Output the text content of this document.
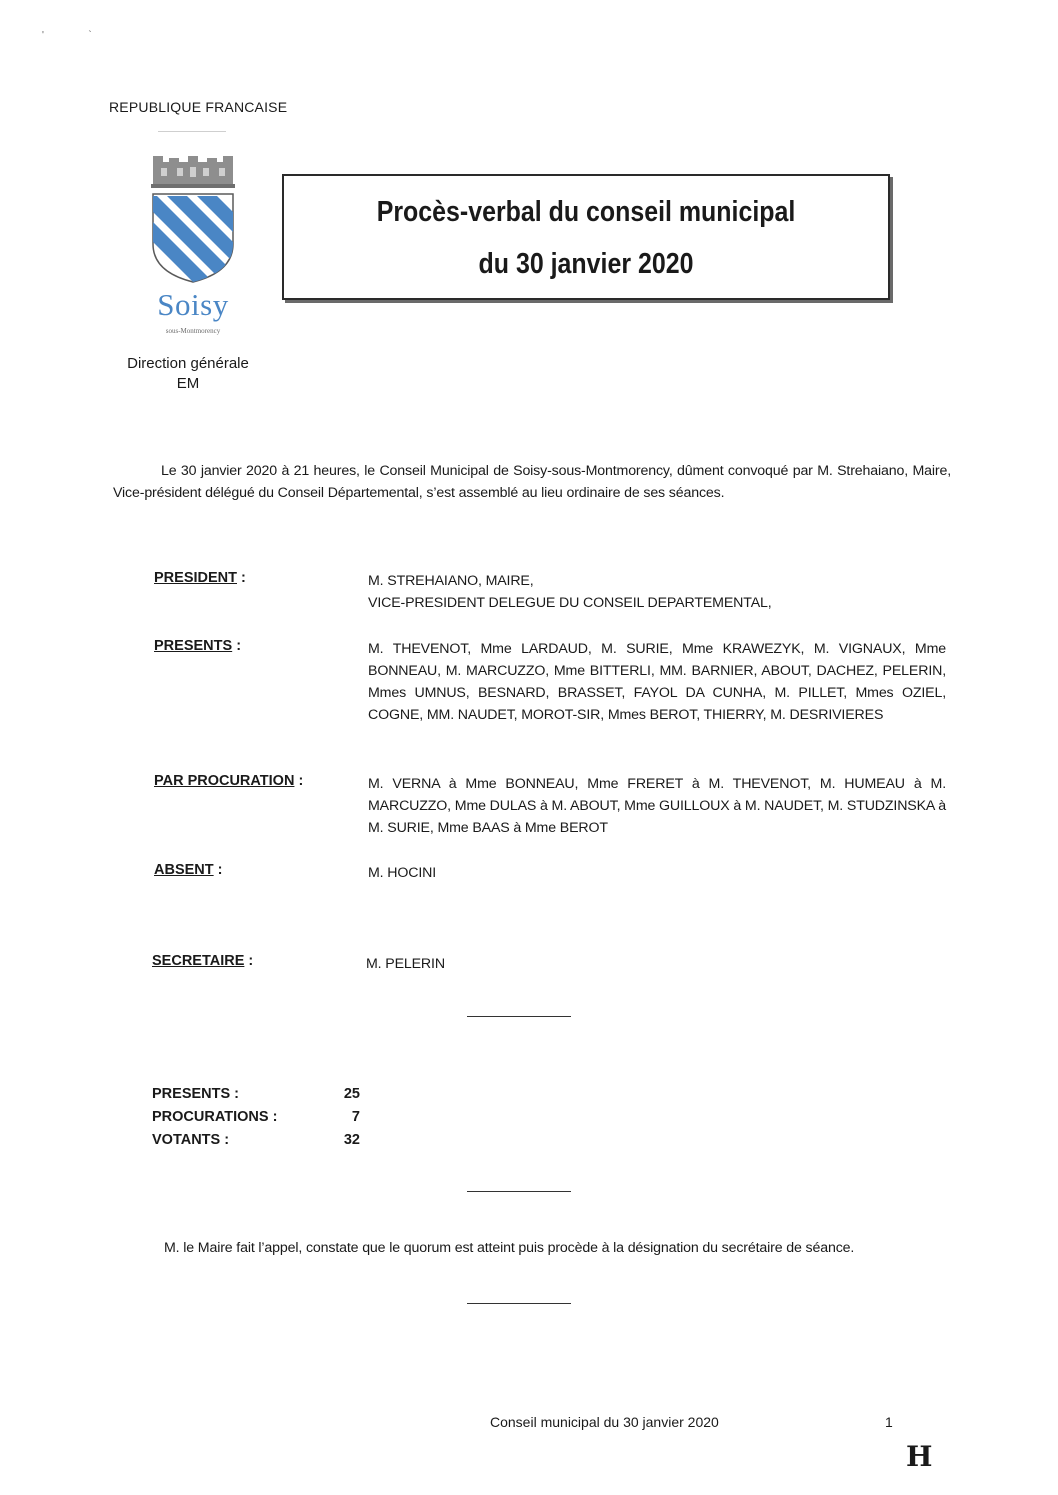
'                `
REPUBLIQUE FRANCAISE
Soisy
sous-Montmorency
Direction générale
EM
Procès-verbal du conseil municipal
du 30 janvier 2020
Le 30 janvier 2020 à 21 heures, le Conseil Municipal de Soisy-sous-Montmorency, dûment convoqué par M. Strehaiano, Maire, Vice-président délégué du Conseil Départemental, s’est assemblé au lieu ordinaire de ses séances.
PRESIDENT :	M. STREHAIANO, MAIRE,
VICE-PRESIDENT DELEGUE DU CONSEIL DEPARTEMENTAL,
PRESENTS :	M. THEVENOT, Mme LARDAUD, M. SURIE, Mme KRAWEZYK, M. VIGNAUX, Mme BONNEAU, M. MARCUZZO, Mme BITTERLI, MM. BARNIER, ABOUT, DACHEZ, PELERIN, Mmes UMNUS, BESNARD, BRASSET, FAYOL DA CUNHA, M. PILLET, Mmes OZIEL, COGNE, MM. NAUDET, MOROT-SIR, Mmes BEROT, THIERRY, M. DESRIVIERES
PAR PROCURATION :	M. VERNA à Mme BONNEAU, Mme FRERET à M. THEVENOT, M. HUMEAU à M. MARCUZZO, Mme DULAS à M. ABOUT, Mme GUILLOUX à M. NAUDET, M. STUDZINSKA à M. SURIE, Mme BAAS à Mme BEROT
ABSENT :	M. HOCINI
SECRETAIRE :	M. PELERIN
PRESENTS :	25
PROCURATIONS :	7
VOTANTS :	32
M. le Maire fait l’appel, constate que le quorum est atteint puis procède à la désignation du secrétaire de séance.
Conseil municipal du 30 janvier 2020	1
H
